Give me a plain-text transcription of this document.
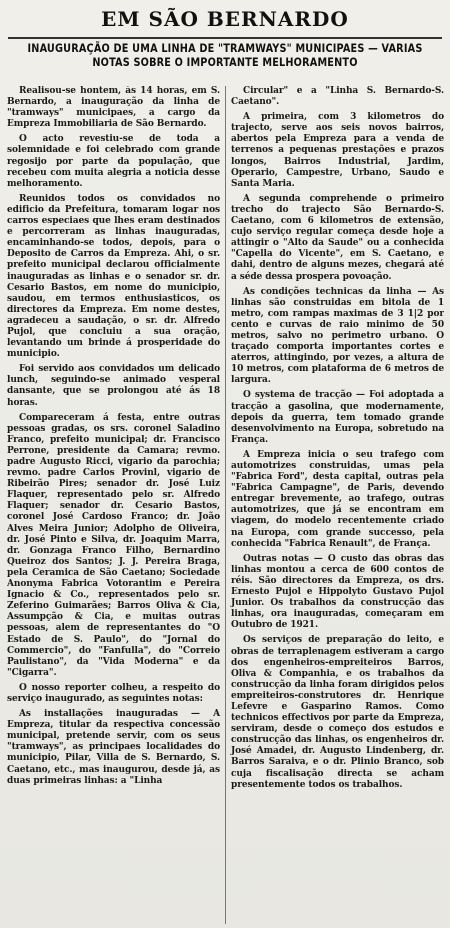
EM SÃO BERNARDO
INAUGURAÇÃO DE UMA LINHA DE "TRAMWAYS" MUNICIPAES — VARIAS NOTAS SOBRE O IMPORTANTE MELHORAMENTO

Realisou-se hontem, ás 14 horas, em S. Bernardo, a inauguração da linha de "tramways" municipaes, a cargo da Empreza Immobiliaria de São Bernardo.

O acto revestiu-se de toda a solemnidade e foi celebrado com grande regosijo por parte da população, que recebeu com muita alegria a noticia desse melhoramento.

Reunidos todos os convidados no edificio da Prefeitura, tomaram logar nos carros especiaes que lhes eram destinados e percorreram as linhas inauguradas, encaminhando-se todos, depois, para o Deposito de Carros da Empreza. Ahi, o sr. prefeito municipal declarou officialmente inauguradas as linhas e o senador sr. dr. Cesario Bastos, em nome do municipio, saudou, em termos enthusiasticos, os directores da Empreza. Em nome destes, agradeceu a saudação, o sr. dr. Alfredo Pujol, que concluiu a sua oração, levantando um brinde á prosperidade do municipio.

Foi servido aos convidados um delicado lunch, seguindo-se animado vesperal dansante, que se prolongou até ás 18 horas.

Compareceram á festa, entre outras pessoas gradas, os srs. coronel Saladino Franco, prefeito municipal; dr. Francisco Perrone, presidente da Camara; revmo. padre Augusto Ricci, vigario da parochia; revmo. padre Carlos Provinl, vigario de Ribeirão Pires; senador dr. José Luiz Flaquer, representado pelo sr. Alfredo Flaquer; senador dr. Cesario Bastos, coronel José Cardoso Franco; dr. João Alves Meira Junior; Adolpho de Oliveira, dr. José Pinto e Silva, dr. Joaquim Marra, dr. Gonzaga Franco Filho, Bernardino Queiroz dos Santos; J. J. Pereira Braga, pela Ceramica de São Caetano; Sociedade Anonyma Fabrica Votorantim e Pereira Ignacio & Co., representados pelo sr. Zeferino Guimarães; Barros Oliva & Cia, Assumpção & Cia, e muitas outras pessoas, alem de representantes do "O Estado de S. Paulo", do "Jornal do Commercio", do "Fanfulla", do "Correio Paulistano", da "Vida Moderna" e da "Cigarra".

O nosso reporter colheu, a respeito do serviço inaugurado, as seguintes notas:

As installações inauguradas — A Empreza, titular da respectiva concessão municipal, pretende servir, com os seus "tramways", as principaes localidades do municipio, Pilar, Villa de S. Bernardo, S. Caetano, etc., mas inaugurou, desde já, as duas primeiras linhas: a "Linha

Circular" e a "Linha S. Bernardo-S. Caetano".

A primeira, com 3 kilometros do trajecto, serve aos seis novos bairros, abertos pela Empreza para a venda de terrenos a pequenas prestações e prazos longos, Bairros Industrial, Jardim, Operario, Campestre, Urbano, Saudo e Santa Maria.

A segunda comprehende o primeiro trecho do trajecto São Bernardo-S. Caetano, com 6 kilometros de extensão, cujo serviço regular começa desde hoje a attingir o "Alto da Saude" ou a conhecida "Capella do Vicente", em S. Caetano, e dahi, dentro de alguns mezes, chegará até a séde dessa prospera povoação.

As condições technicas da linha — As linhas são construidas em bitola de 1 metro, com rampas maximas de 3 1|2 por cento e curvas de raio minimo de 50 metros, salvo no perimetro urbano. O traçado comporta importantes cortes e aterros, attingindo, por vezes, a altura de 10 metros, com plataforma de 6 metros de largura.

O systema de tracção — Foi adoptada a tracção a gasolina, que modernamente, depois da guerra, tem tomado grande desenvolvimento na Europa, sobretudo na França.

A Empreza inicia o seu trafego com automotrizes construidas, umas pela "Fabrica Ford", desta capital, outras pela "Fabrica Campagne", de Paris, devendo entregar brevemente, ao trafego, outras automotrizes, que já se encontram em viagem, do modelo recentemente criado na Europa, com grande successo, pela conhecida "Fabrica Renault", de França.

Outras notas — O custo das obras das linhas montou a cerca de 600 contos de réis. São directores da Empreza, os drs. Ernesto Pujol e Hippolyto Gustavo Pujol Junior. Os trabalhos da construcção das linhas, ora inauguradas, começaram em Outubro de 1921.

Os serviços de preparação do leito, e obras de terraplenagem estiveram a cargo dos engenheiros-empreiteiros Barros, Oliva & Companhia, e os trabalhos da construcção da linha foram dirigidos pelos empreiteiros-construtores dr. Henrique Lefevre e Gasparino Ramos. Como technicos effectivos por parte da Empreza, serviram, desde o começo dos estudos e construcção das linhas, os engenheiros dr. José Amadei, dr. Augusto Lindenberg, dr. Barros Saraiva, e o dr. Plinio Branco, sob cuja fiscalisação directa se acham presentemente todos os trabalhos.
